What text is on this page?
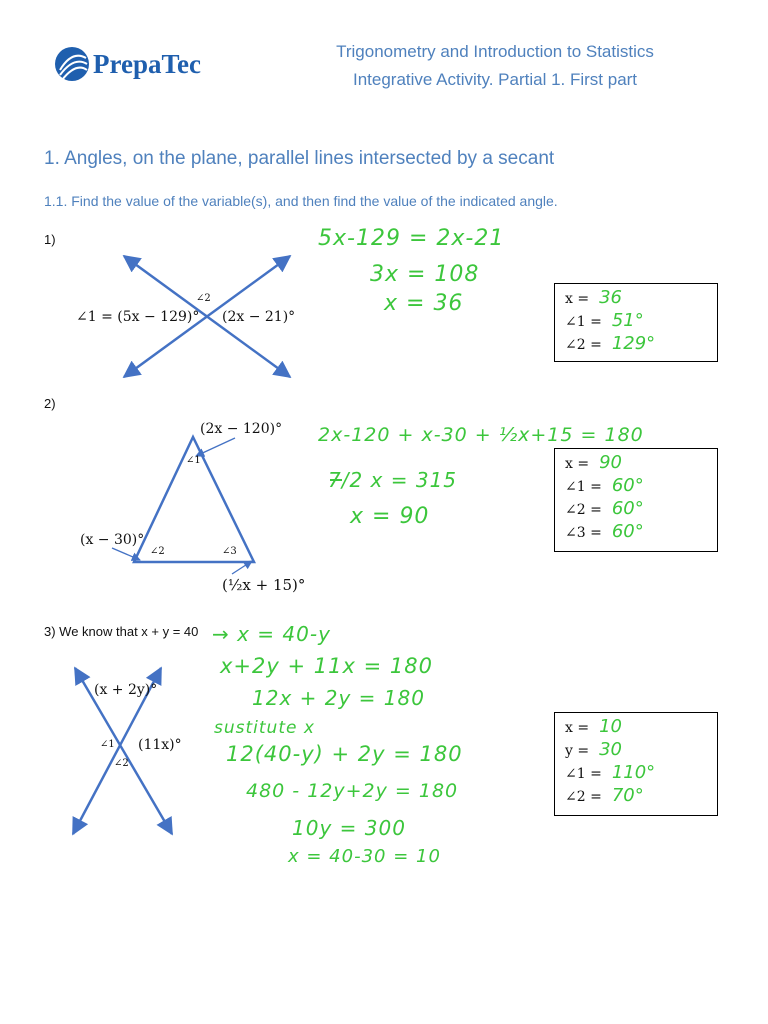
PrepaTec	Trigonometry and Introduction to Statistics
Integrative Activity. Partial 1. First part
1. Angles, on the plane, parallel lines intersected by a secant
1.1. Find the value of the variable(s), and then find the value of the indicated angle.
1)
∠2
∠1 = (5x − 129)° (2x − 21)°
5x-129 = 2x-21
3x = 108
x = 36	x = 36
∠1 = 51°
∠2 = 129°
2)
(2x − 120)°
∠1
(x − 30)°
∠2	∠3
(½x + 15)°
2x-120 + x-30 + ½x+15 = 180
7/2 x = 315
x = 90
x = 90
∠1 = 60°
∠2 = 60°
∠3 = 60°
3) We know that x + y = 40
(x + 2y)°
∠1 (11x)°
∠2
→ x = 40-y
x+2y + 11x = 180
12x + 2y = 180
sustitute x
12(40-y) + 2y = 180
480 - 12y+2y = 180
10y = 300
x = 40-30 = 10
x = 10
y = 30
∠1 = 110°
∠2 = 70°
